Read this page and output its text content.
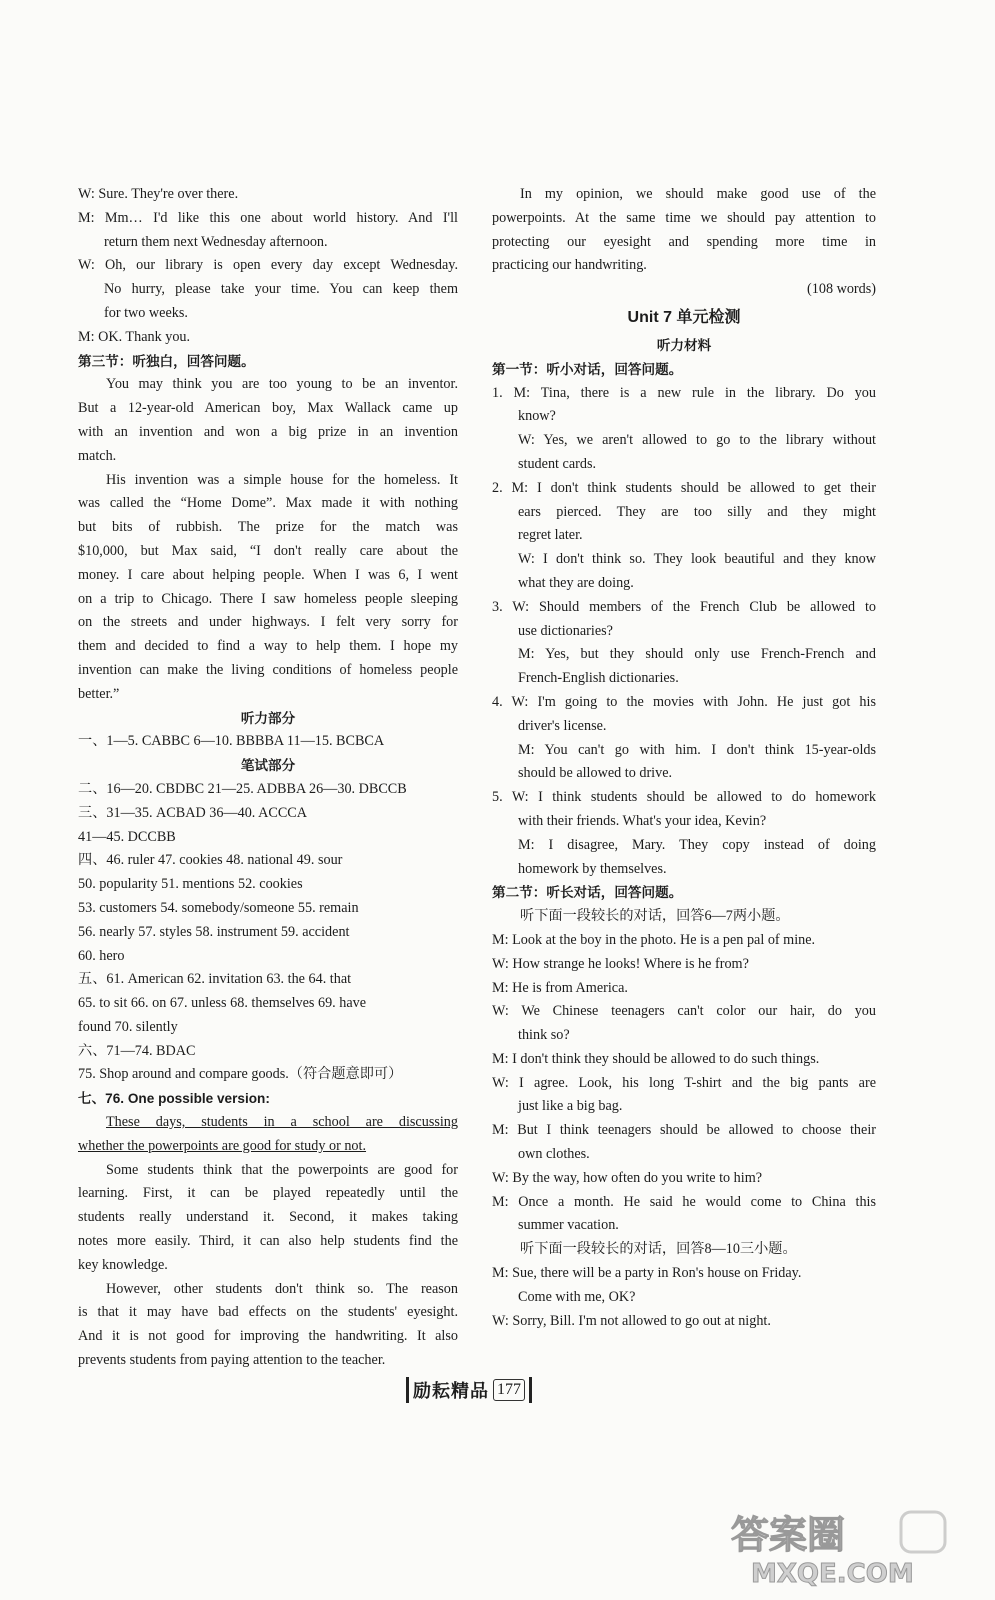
W: Sure. They're over there.
M: Mm… I'd like this one about world history. And I'll
return them next Wednesday afternoon.
W: Oh, our library is open every day except Wednesday.
No hurry, please take your time. You can keep them
for two weeks.
M: OK. Thank you.
第三节：听独白，回答问题。
You may think you are too young to be an inventor.
But a 12-year-old American boy, Max Wallack came up
with an invention and won a big prize in an invention
match.
His invention was a simple house for the homeless. It
was called the “Home Dome”. Max made it with nothing
but bits of rubbish. The prize for the match was
$10,000, but Max said, “I don't really care about the
money. I care about helping people. When I was 6, I went
on a trip to Chicago. There I saw homeless people sleeping
on the streets and under highways. I felt very sorry for
them and decided to find a way to help them. I hope my
invention can make the living conditions of homeless people
better.”
听力部分
一、1—5. CABBC 6—10. BBBBA 11—15. BCBCA
笔试部分
二、16—20. CBDBC 21—25. ADBBA 26—30. DBCCB
三、31—35. ACBAD 36—40. ACCCA
41—45. DCCBB
四、46. ruler 47. cookies 48. national 49. sour
50. popularity 51. mentions 52. cookies
53. customers 54. somebody/someone 55. remain
56. nearly 57. styles 58. instrument 59. accident
60. hero
五、61. American 62. invitation 63. the 64. that
65. to sit 66. on 67. unless 68. themselves 69. have
found 70. silently
六、71—74. BDAC
75. Shop around and compare goods.（符合题意即可）
七、76. One possible version:
These days, students in a school are discussing
whether the powerpoints are good for study or not.
Some students think that the powerpoints are good for
learning. First, it can be played repeatedly until the
students really understand it. Second, it makes taking
notes more easily. Third, it can also help students find the
key knowledge.
However, other students don't think so. The reason
is that it may have bad effects on the students' eyesight.
And it is not good for improving the handwriting. It also
prevents students from paying attention to the teacher.
In my opinion, we should make good use of the
powerpoints. At the same time we should pay attention to
protecting our eyesight and spending more time in
practicing our handwriting.
(108 words)
Unit 7 单元检测
听力材料
第一节：听小对话，回答问题。
1. M: Tina, there is a new rule in the library. Do you
know?
W: Yes, we aren't allowed to go to the library without
student cards.
2. M: I don't think students should be allowed to get their
ears pierced. They are too silly and they might
regret later.
W: I don't think so. They look beautiful and they know
what they are doing.
3. W: Should members of the French Club be allowed to
use dictionaries?
M: Yes, but they should only use French-French and
French-English dictionaries.
4. W: I'm going to the movies with John. He just got his
driver's license.
M: You can't go with him. I don't think 15-year-olds
should be allowed to drive.
5. W: I think students should be allowed to do homework
with their friends. What's your idea, Kevin?
M: I disagree, Mary. They copy instead of doing
homework by themselves.
第二节：听长对话，回答问题。
听下面一段较长的对话，回答6—7两小题。
M: Look at the boy in the photo. He is a pen pal of mine.
W: How strange he looks! Where is he from?
M: He is from America.
W: We Chinese teenagers can't color our hair, do you
think so?
M: I don't think they should be allowed to do such things.
W: I agree. Look, his long T-shirt and the big pants are
just like a big bag.
M: But I think teenagers should be allowed to choose their
own clothes.
W: By the way, how often do you write to him?
M: Once a month. He said he would come to China this
summer vacation.
听下面一段较长的对话，回答8—10三小题。
M: Sue, there will be a party in Ron's house on Friday.
Come with me, OK?
W: Sorry, Bill. I'm not allowed to go out at night.
励耘精品 177
答案圈
MXQE.COM
